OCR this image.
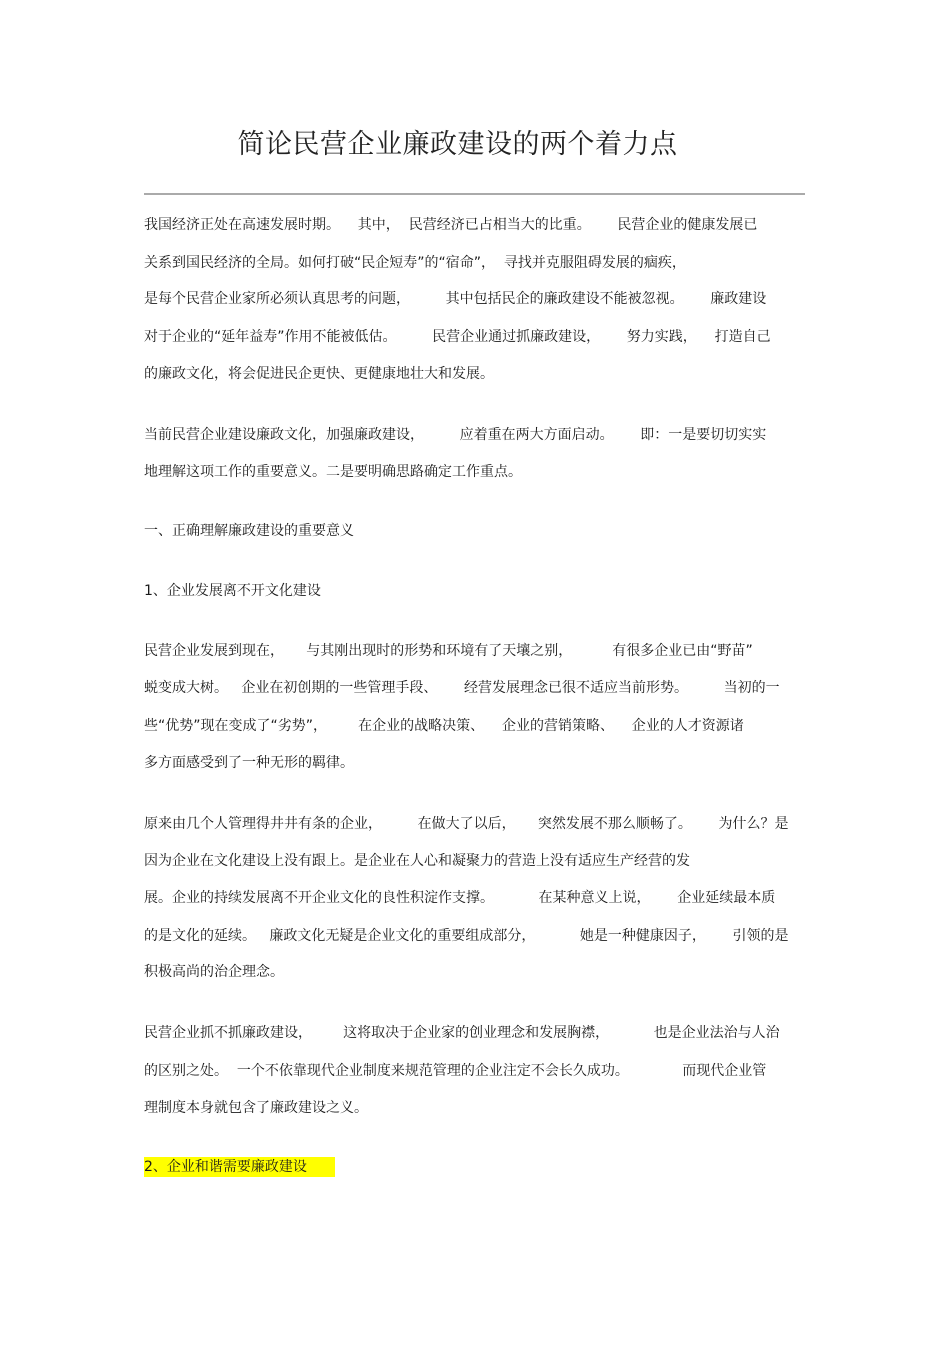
简论民营企业廉政建设的两个着力点

我国经济正处在高速发展时期。    其中，  民营经济已占相当大的比重。      民营企业的健康发展已

关系到国民经济的全局。如何打破“民企短寿”的“宿命”，  寻找并克服阻碍发展的痼疾，

是每个民营企业家所必须认真思考的问题，        其中包括民企的廉政建设不能被忽视。      廉政建设

对于企业的“延年益寿”作用不能被低估。        民营企业通过抓廉政建设，      努力实践，    打造自己

的廉政文化，将会促进民企更快、更健康地壮大和发展。

当前民营企业建设廉政文化，加强廉政建设，        应着重在两大方面启动。      即：一是要切切实实

地理解这项工作的重要意义。二是要明确思路确定工作重点。

一、正确理解廉政建设的重要意义

1、企业发展离不开文化建设

民营企业发展到现在，     与其刚出现时的形势和环境有了天壤之别，         有很多企业已由“野苗”

蜕变成大树。   企业在初创期的一些管理手段、      经营发展理念已很不适应当前形势。        当初的一

些“优势”现在变成了“劣势”，       在企业的战略决策、    企业的营销策略、    企业的人才资源诸

多方面感受到了一种无形的羁律。

原来由几个人管理得井井有条的企业，        在做大了以后，     突然发展不那么顺畅了。      为什么？是

因为企业在文化建设上没有跟上。是企业在人心和凝聚力的营造上没有适应生产经营的发

展。企业的持续发展离不开企业文化的良性积淀作支撑。          在某种意义上说，      企业延续最本质

的是文化的延续。   廉政文化无疑是企业文化的重要组成部分，          她是一种健康因子，      引领的是

积极高尚的治企理念。

民营企业抓不抓廉政建设，       这将取决于企业家的创业理念和发展胸襟，          也是企业法治与人治

的区别之处。  一个不依靠现代企业制度来规范管理的企业注定不会长久成功。            而现代企业管

理制度本身就包含了廉政建设之义。

2、企业和谐需要廉政建设
